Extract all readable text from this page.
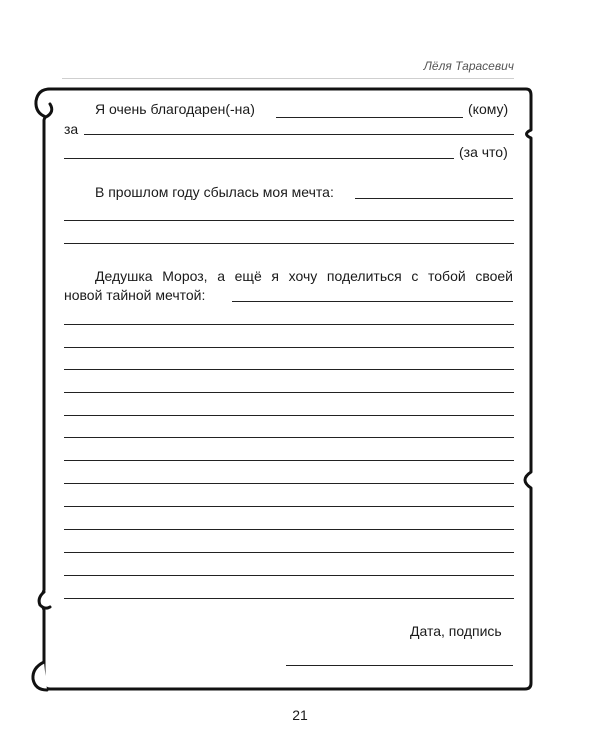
Лёля Тарасевич
Я очень благодарен(-на)	(кому)
за
(за что)
В прошлом году сбылась моя мечта:
Дедушка Мороз, а ещё я хочу поделиться с тобой своей
новой тайной мечтой:
Дата, подпись
21
